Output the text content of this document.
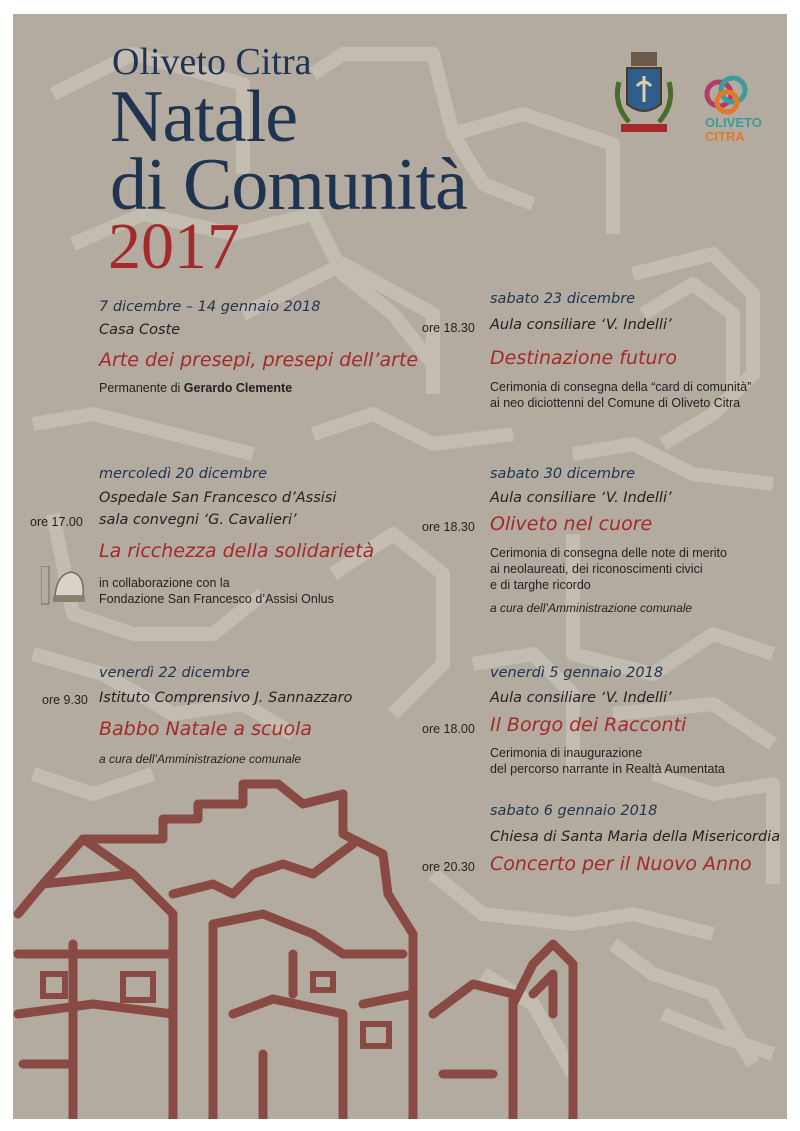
Oliveto Citra
Natale
di Comunità
2017
OLIVETO
CITRA
7 dicembre – 14 gennaio 2018
Casa Coste
Arte dei presepi, presepi dell’arte
Permanente di Gerardo Clemente
sabato 23 dicembre
ore 18.30 Aula consiliare ‘V. Indelli’
Destinazione futuro
Cerimonia di consegna della “card di comunità”
ai neo diciottenni del Comune di Oliveto Citra
mercoledì 20 dicembre
Ospedale San Francesco d’Assisi
ore 17.00 sala convegni ‘G. Cavalieri’
La ricchezza della solidarietà
in collaborazione con la
Fondazione San Francesco d’Assisi Onlus
sabato 30 dicembre
Aula consiliare ‘V. Indelli’
ore 18.30 Oliveto nel cuore
Cerimonia di consegna delle note di merito
ai neolaureati, dei riconoscimenti civici
e di targhe ricordo
a cura dell’Amministrazione comunale
venerdì 22 dicembre
ore 9.30 Istituto Comprensivo J. Sannazzaro
Babbo Natale a scuola
a cura dell’Amministrazione comunale
venerdì 5 gennaio 2018
Aula consiliare ‘V. Indelli’
ore 18.00 Il Borgo dei Racconti
Cerimonia di inaugurazione
del percorso narrante in Realtà Aumentata
sabato 6 gennaio 2018
Chiesa di Santa Maria della Misericordia
ore 20.30 Concerto per il Nuovo Anno
